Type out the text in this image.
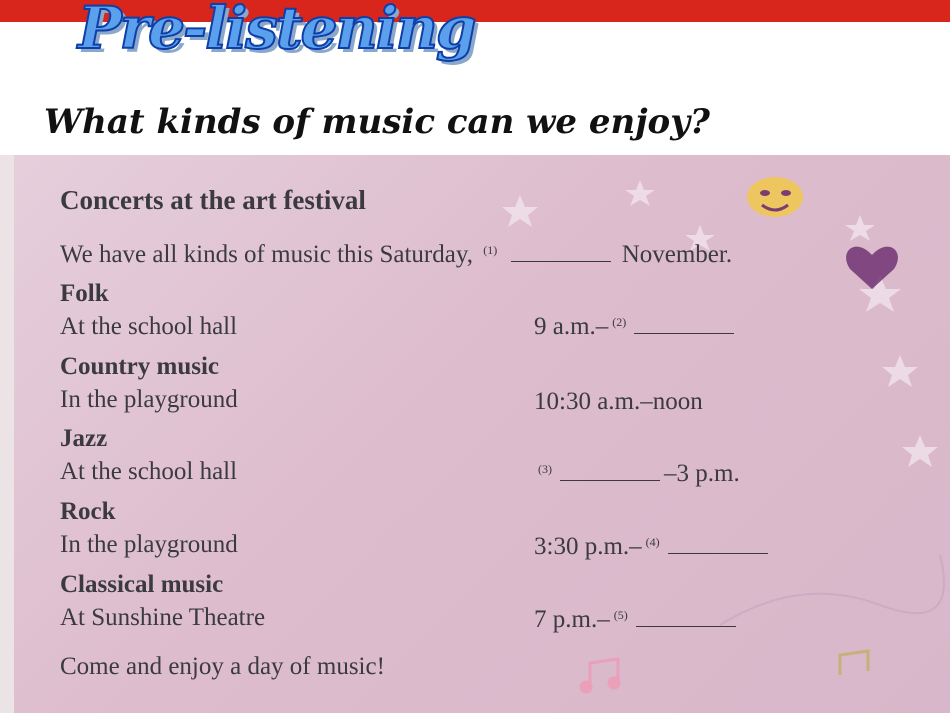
Pre-listening
What kinds of music can we enjoy?
Concerts at the art festival
We have all kinds of music this Saturday, $^{(1)}$	November.
Folk
At the school hall	9 a.m.– $^{(2)}$
Country music
In the playground	10:30 a.m.–noon
Jazz
At the school hall	$^{(3)}$	–3 p.m.
Rock
In the playground	3:30 p.m.– $^{(4)}$
Classical music
At Sunshine Theatre	7 p.m.– $^{(5)}$
Come and enjoy a day of music!
